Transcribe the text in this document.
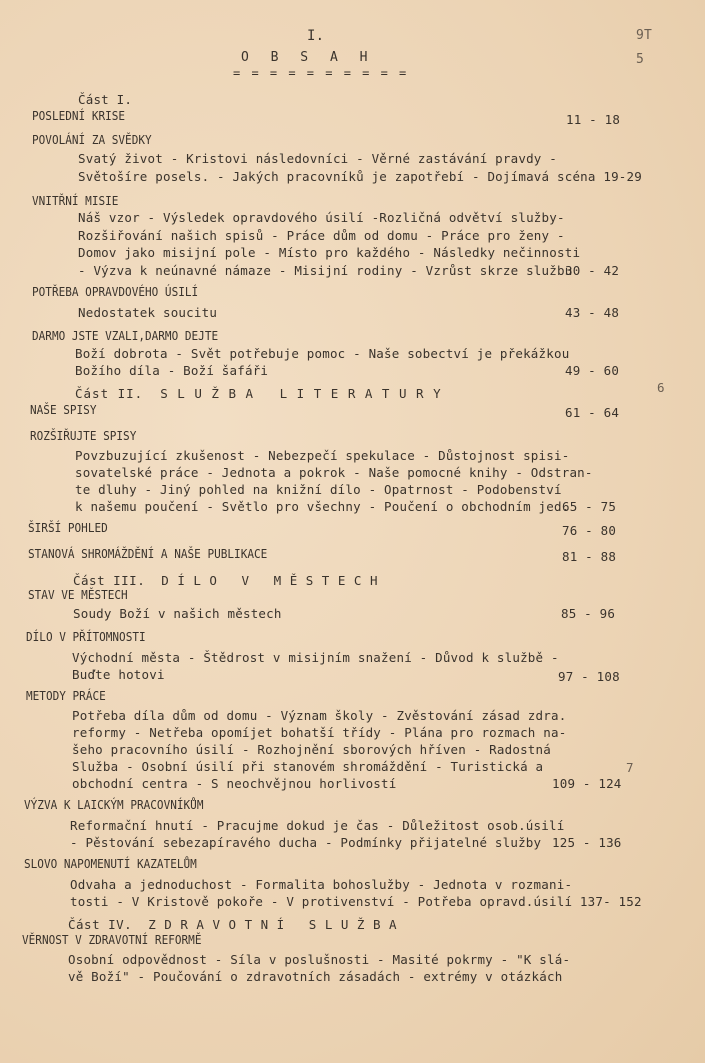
I.	9T
5
O B S A H
= = = = = = = = = =
Část I.
POSLEDNÍ KRISE	11 - 18
POVOLÁNÍ ZA SVĚDKY
Svatý život - Kristovi následovníci - Věrné zastávání pravdy -
Světošíre posels. - Jakých pracovníků je zapotřebí - Dojímavá scéna 19-29
VNITŘNÍ MISIE
Náš vzor - Výsledek opravdového úsilí -Rozličná odvětví služby-
Rozšiřování našich spisů - Práce dům od domu - Práce pro ženy -
Domov jako misijní pole - Místo pro každého - Následky nečinnosti
- Výzva k neúnavné námaze - Misijní rodiny - Vzrůst skrze službu
30 - 42
POTŘEBA OPRAVDOVÉHO ÚSILÍ
Nedostatek soucitu	43 - 48
DARMO JSTE VZALI,DARMO DEJTE
Boží dobrota - Svět potřebuje pomoc - Naše sobectví je překážkou
Božího díla - Boží šafáři	49 - 60
Část II.  S L U Ž B A   L I T E R A T U R Y	6
NAŠE SPISY	61 - 64
ROZŠIŘUJTE SPISY
Povzbuzující zkušenost - Nebezpečí spekulace - Důstojnost spisi-
sovatelské práce - Jednota a pokrok - Naše pomocné knihy - Odstran-
te dluhy - Jiný pohled na knižní dílo - Opatrnost - Podobenství
k našemu poučení - Světlo pro všechny - Poučení o obchodním jed.
65 - 75
ŠIRŠÍ POHLED	76 - 80
STANOVÁ SHROMÁŽDĚNÍ A NAŠE PUBLIKACE	81 - 88
Část III.  D Í L O   V   M Ě S T E C H
STAV VE MĚSTECH
Soudy Boží v našich městech	85 - 96
DÍLO V PŘÍTOMNOSTI
Východní města - Štědrost v misijním snažení - Důvod k službě -
Buďte hotovi	97 - 108
METODY PRÁCE
Potřeba díla dům od domu - Význam školy - Zvěstování zásad zdra.
reformy - Netřeba opomíjet bohatší třídy - Plána pro rozmach na-
šeho pracovního úsilí - Rozhojnění sborových hříven - Radostná
Služba - Osobní úsilí při stanovém shromáždění - Turistická a
obchodní centra - S neochvějnou horlivostí	109 - 124
7
VÝZVA K LAICKÝM PRACOVNÍKŮM
Reformační hnutí - Pracujme dokud je čas - Důležitost osob.úsilí
- Pěstování sebezapíravého ducha - Podmínky přijatelné služby 125 - 136
SLOVO NAPOMENUTÍ KAZATELŮM
Odvaha a jednoduchost - Formalita bohoslužby - Jednota v rozmani-
tosti - V Kristově pokoře - V protivenství - Potřeba opravd.úsilí 137- 152
Část IV.  Z D R A V O T N Í   S L U Ž B A
VĚRNOST V ZDRAVOTNÍ REFORMĚ
Osobní odpovědnost - Síla v poslušnosti - Masité pokrmy - "K slá-
vě Boží" - Poučování o zdravotních zásadách - extrémy v otázkách
